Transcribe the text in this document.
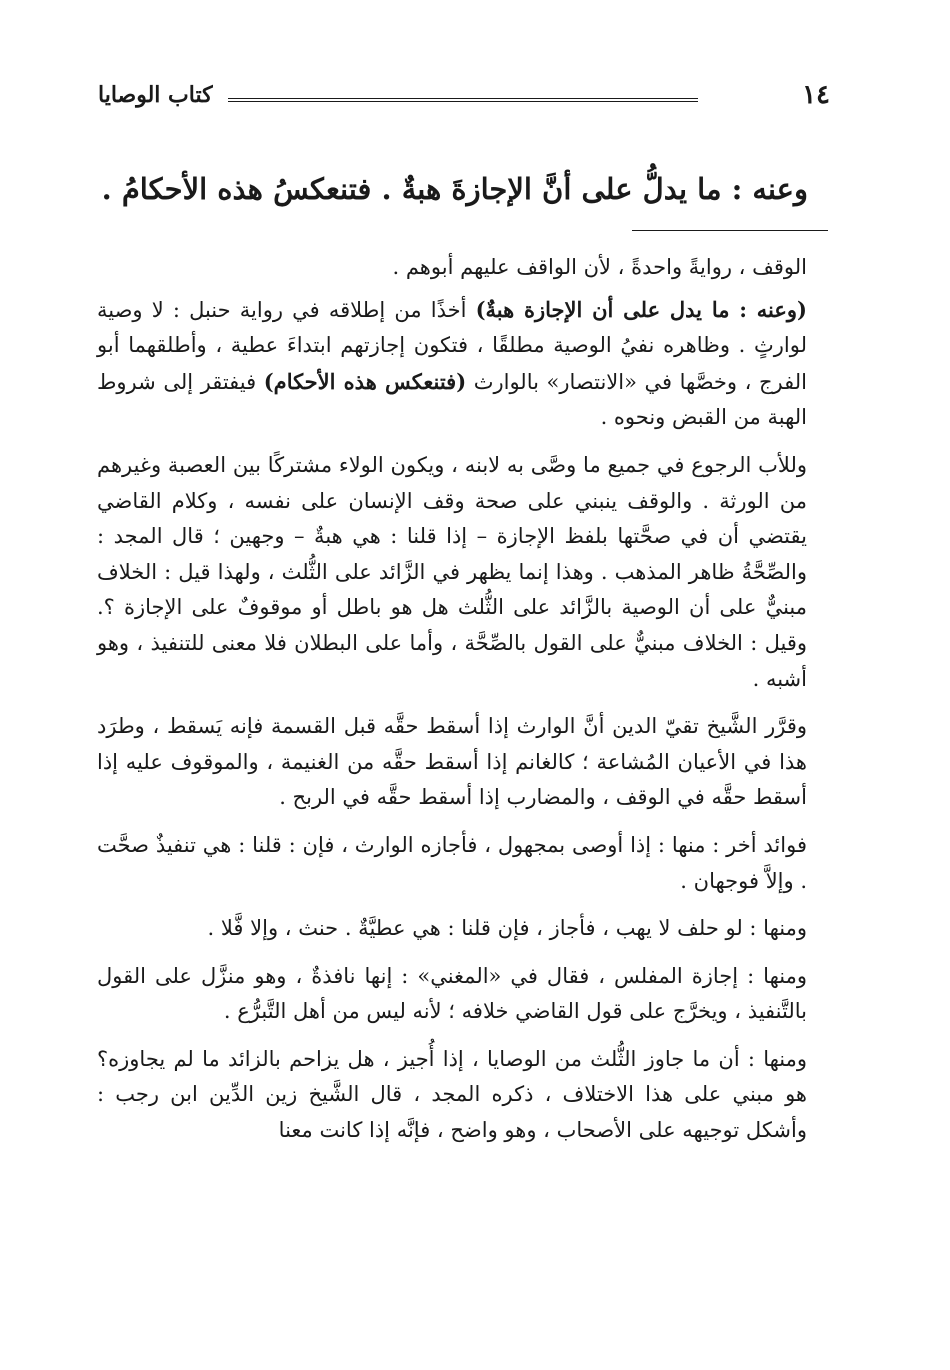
١٤
كتاب الوصايا
وعنه : ما يدلُّ على أنَّ الإجازةَ هبةٌ . فتنعكسُ هذه الأحكامُ .

الوقف ، روايةً واحدةً ، لأن الواقف عليهم أبوهم .

(وعنه : ما يدل على أن الإجازة هبةٌ) أخذًا من إطلاقه في رواية حنبل : لا وصية لوارثٍ . وظاهره نفيُ الوصية مطلقًا ، فتكون إجازتهم ابتداءَ عطية ، وأطلقهما أبو الفرج ، وخصَّها في «الانتصار» بالوارث (فتنعكس هذه الأحكام) فيفتقر إلى شروط الهبة من القبض ونحوه .

وللأب الرجوع في جميع ما وصَّى به لابنه ، ويكون الولاء مشتركًا بين العصبة وغيرهم من الورثة . والوقف ينبني على صحة وقف الإنسان على نفسه ، وكلام القاضي يقتضي أن في صحَّتها بلفظ الإجازة – إذا قلنا : هي هبةٌ – وجهين ؛ قال المجد : والصِّحَّةُ ظاهر المذهب . وهذا إنما يظهر في الزَّائد على الثُّلث ، ولهذا قيل : الخلاف مبنيٌّ على أن الوصية بالزَّائد على الثُّلث هل هو باطل أو موقوفٌ على الإجازة ؟. وقيل : الخلاف مبنيٌّ على القول بالصِّحَّة ، وأما على البطلان فلا معنى للتنفيذ ، وهو أشبه .

وقرَّر الشَّيخ تقيّ الدين أنَّ الوارث إذا أسقط حقَّه قبل القسمة فإنه يَسقط ، وطرَد هذا في الأعيان المُشاعة ؛ كالغانم إذا أسقط حقَّه من الغنيمة ، والموقوف عليه إذا أسقط حقَّه في الوقف ، والمضارب إذا أسقط حقَّه في الربح .

فوائد أخر : منها : إذا أوصى بمجهول ، فأجازه الوارث ، فإن : قلنا : هي تنفيذٌ صحَّت . وإلاَّ فوجهان .

ومنها : لو حلف لا يهب ، فأجاز ، فإن قلنا : هي عطيَّةٌ . حنث ، وإلا فَّلا .

ومنها : إجازة المفلس ، فقال في «المغني» : إنها نافذةٌ ، وهو منزَّل على القول بالتَّنفيذ ، ويخرَّج على قول القاضي خلافه ؛ لأنه ليس من أهل التَّبرُّع .

ومنها : أن ما جاوز الثُّلث من الوصايا ، إذا أُجيز ، هل يزاحم بالزائد ما لم يجاوزه؟ هو مبني على هذا الاختلاف ، ذكره المجد ، قال الشَّيخ زين الدِّين ابن رجب : وأشكل توجيهه على الأصحاب ، وهو واضح ، فإنَّه إذا كانت معنا
